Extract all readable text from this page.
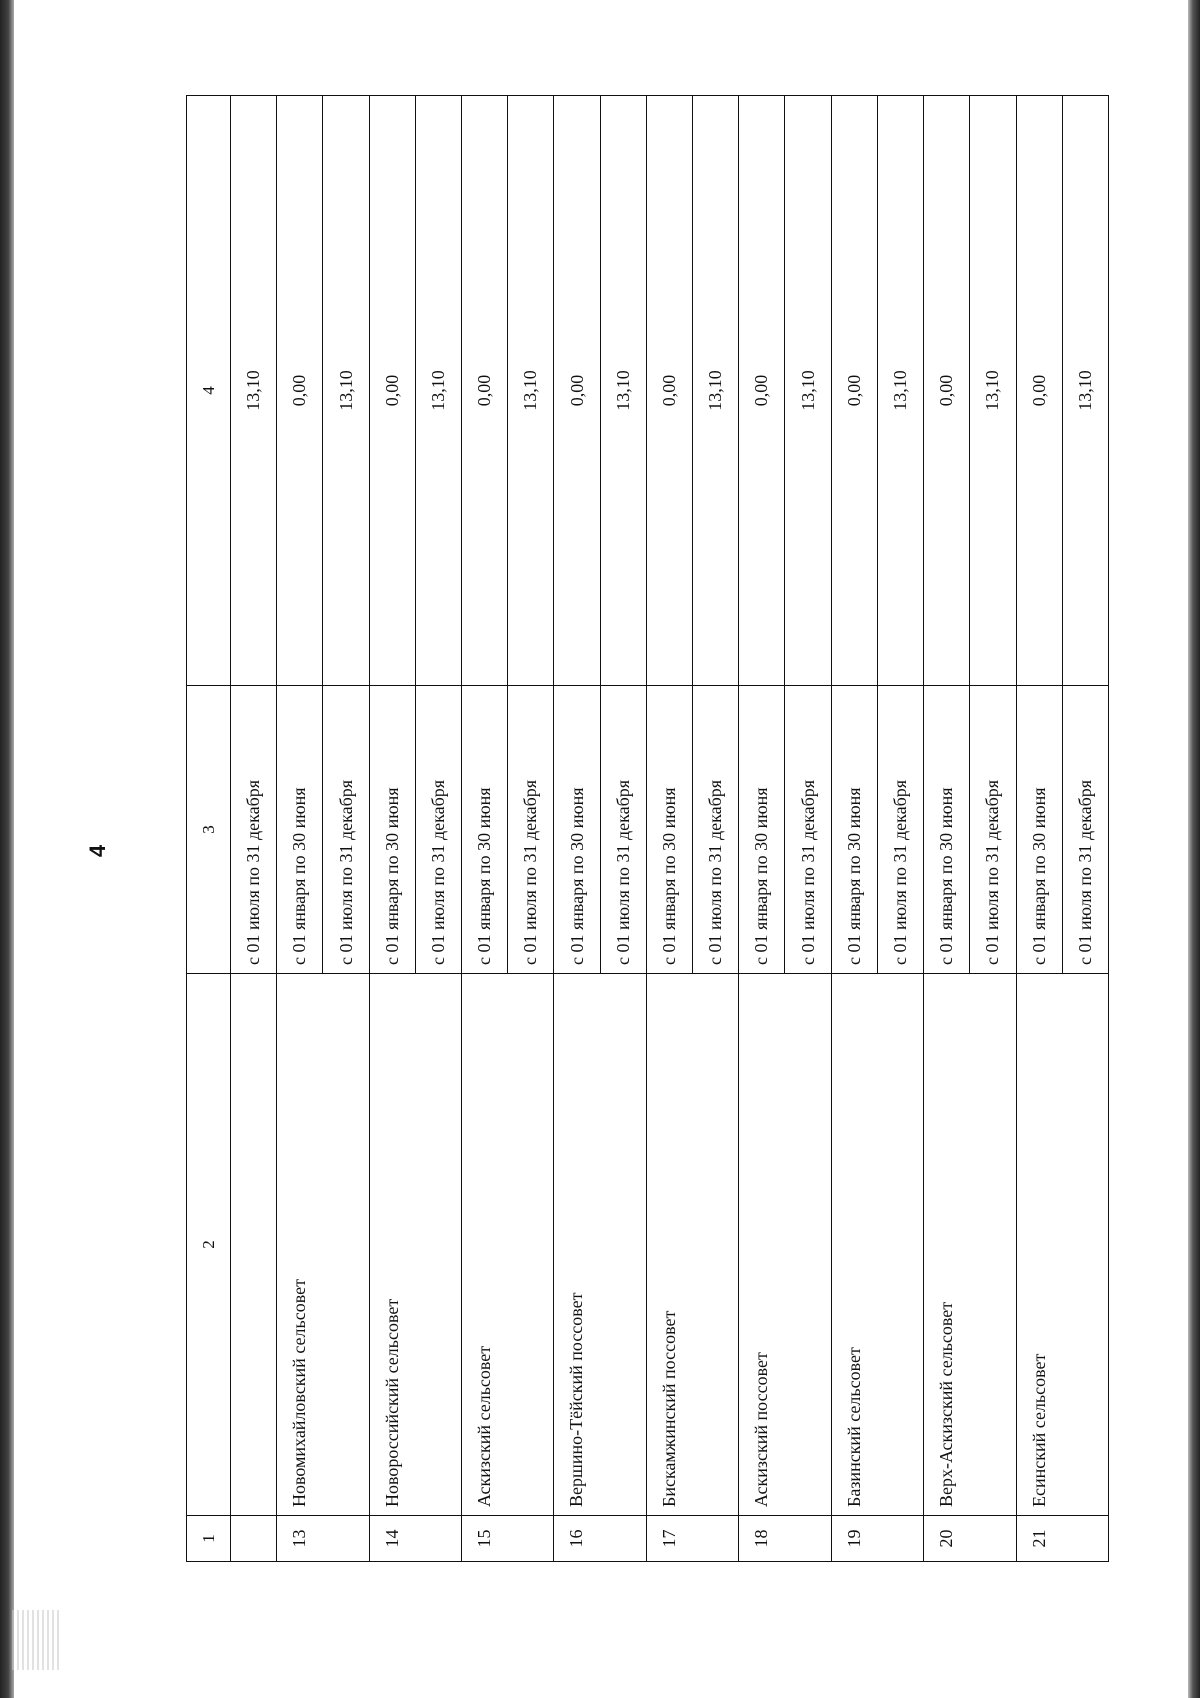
4
1	2	3	4
		с 01 июля по 31 декабря	13,10
13	Новомихайловский сельсовет	с 01 января по 30 июня	0,00
		с 01 июля по 31 декабря	13,10
14	Новороссийский сельсовет	с 01 января по 30 июня	0,00
		с 01 июля по 31 декабря	13,10
15	Аскизский сельсовет	с 01 января по 30 июня	0,00
		с 01 июля по 31 декабря	13,10
16	Вершино-Тёйский поссовет	с 01 января по 30 июня	0,00
		с 01 июля по 31 декабря	13,10
17	Бискамжинский поссовет	с 01 января по 30 июня	0,00
		с 01 июля по 31 декабря	13,10
18	Аскизский поссовет	с 01 января по 30 июня	0,00
		с 01 июля по 31 декабря	13,10
19	Базинский сельсовет	с 01 января по 30 июня	0,00
		с 01 июля по 31 декабря	13,10
20	Верх-Аскизский сельсовет	с 01 января по 30 июня	0,00
		с 01 июля по 31 декабря	13,10
21	Есинский сельсовет	с 01 января по 30 июня	0,00
		с 01 июля по 31 декабря	13,10
